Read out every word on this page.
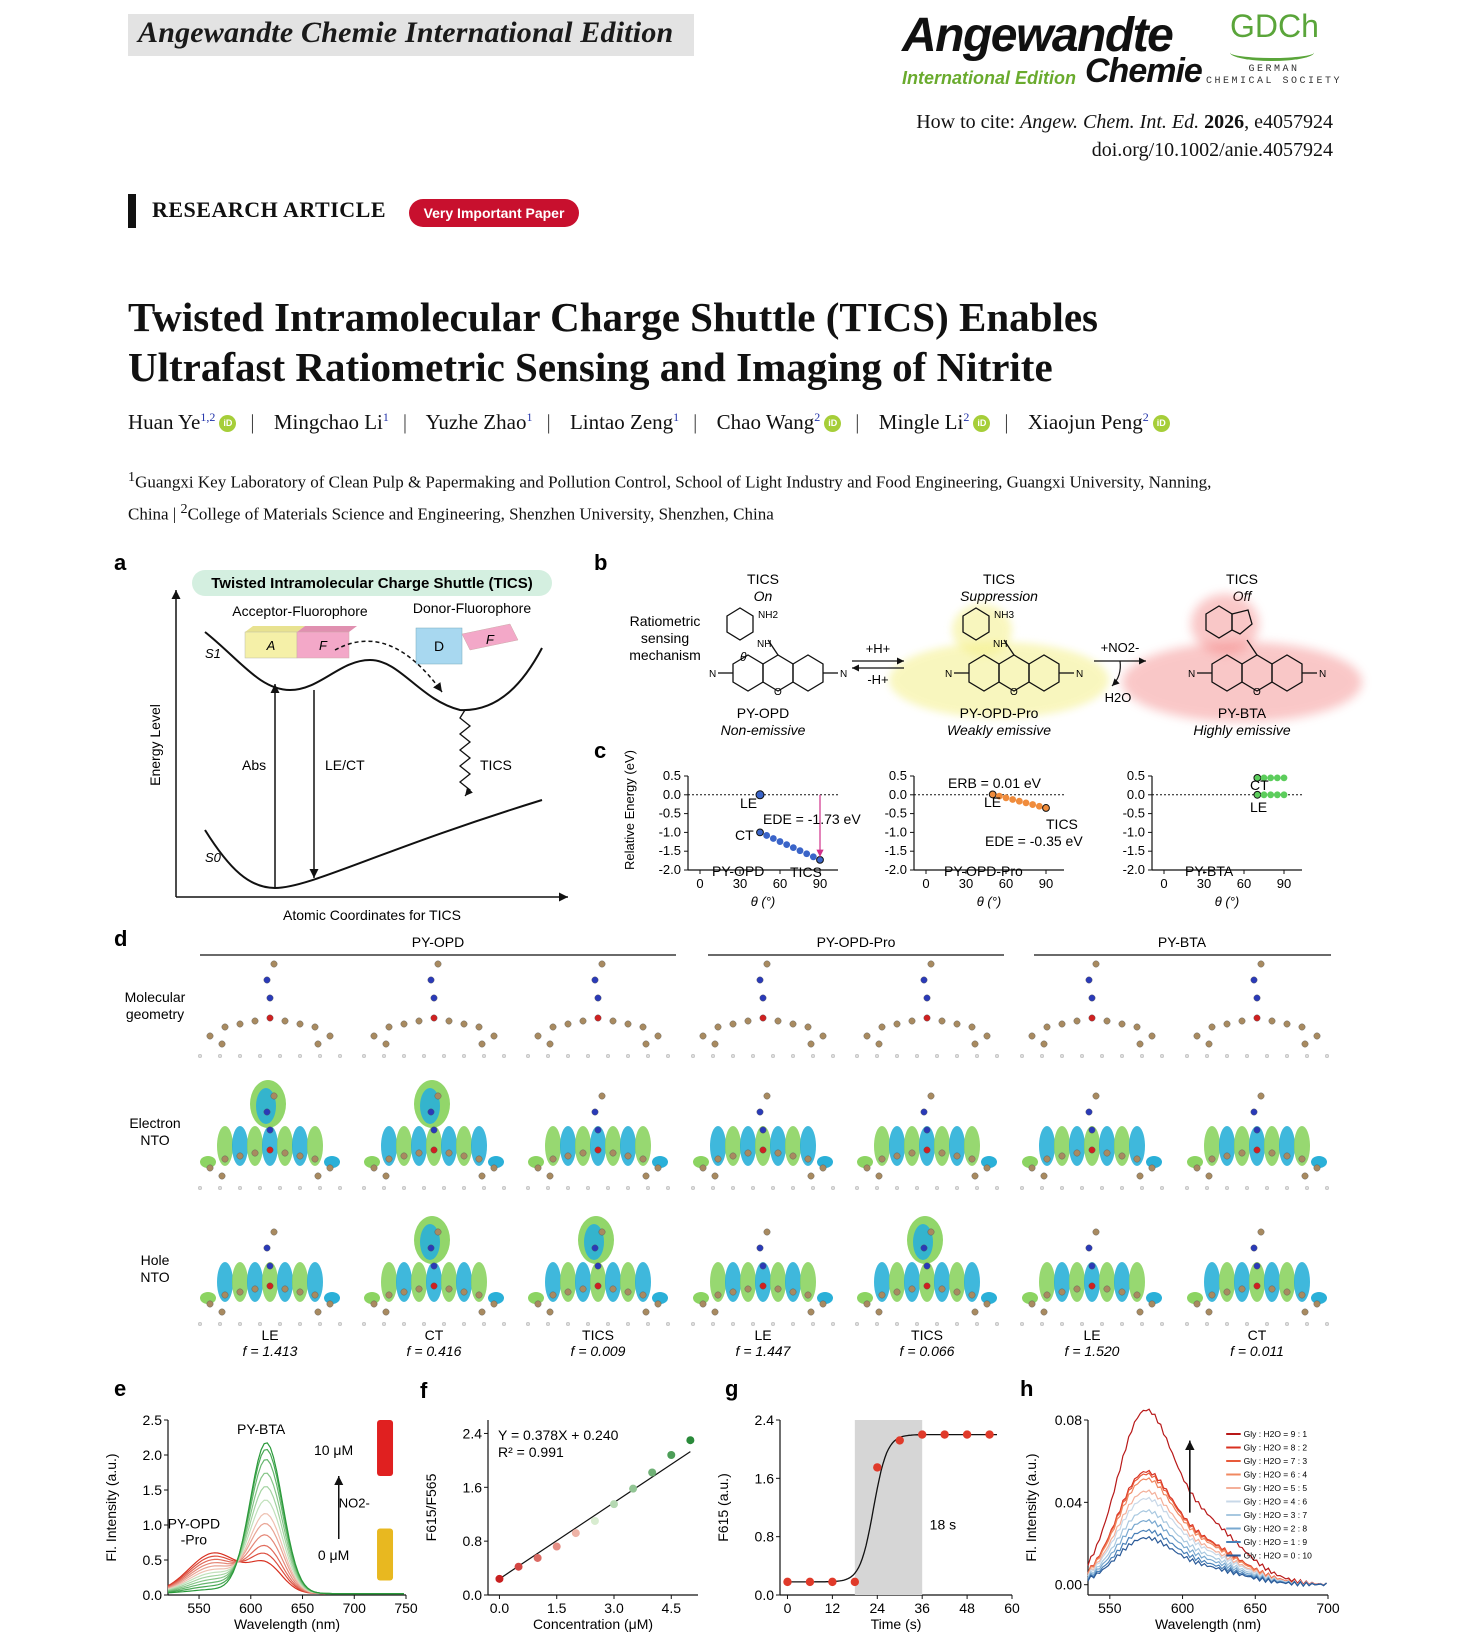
Angewandte Chemie International Edition	Angewandte
International Edition Chemie
GDCh
GERMAN
CHEMICAL SOCIETY
How to cite: Angew. Chem. Int. Ed. 2026, e4057924
doi.org/10.1002/anie.4057924
RESEARCH ARTICLE	Very Important Paper
Twisted Intramolecular Charge Shuttle (TICS) Enables
Ultrafast Ratiometric Sensing and Imaging of Nitrite
Huan Ye$^{1,2}$ iD | Mingchao Li$^1$ | Yuzhe Zhao$^1$ | Lintao Zeng$^1$ | Chao Wang$^2$ iD | Mingle Li$^2$ iD | Xiaojun Peng$^2$ iD
$^1$Guangxi Key Laboratory of Clean Pulp & Papermaking and Pollution Control, School of Light Industry and Food Engineering, Guangxi University, Nanning,
China | $^2$College of Materials Science and Engineering, Shenzhen University, Shenzhen, China
a	b
c
d
e	f	g	h
Twisted Intramolecular Charge Shuttle (TICS)
Acceptor-Fluorophore	Donor-Fluorophore
A	F	D	F
Energy Level
Atomic Coordinates for TICS
S1
S0
Abs	LE/CT	TICS
Ratiometric
sensing
mechanism
TICS
On
TICS
Suppression
TICS
Off
NH2
NH
θ
N	N
O
PY-OPD
Non-emissive
NH3
NH
N	N
O
PY-OPD-Pro
Weakly emissive
N	N
O
PY-BTA
Highly emissive
+H+
-H+
+NO2-
H2O
Relative Energy (eV) 0.5
0.0
-0.5
-1.0
-1.5
-2.0
0 30 60 90
θ (°)
0.5
0.0
-0.5
-1.0
-1.5
-2.0
0 30 60 90
θ (°)
0.5
0.0
-0.5
-1.0
-1.5
-2.0
0 30 60 90
θ (°)
EDE = -1.73 eV
LE
CT
TICS
PY-OPD
ERB = 0.01 eV
LE
TICS
EDE = -0.35 eV
PY-OPD-Pro
CT
LE
PY-BTA
PY-OPD	PY-OPD-Pro	PY-BTA
Molecular geometry
Electron NTO
Hole NTO
LE
f = 1.413
CT
f = 0.416
TICS
f = 0.009
LE
f = 1.447
TICS
f = 0.066
LE
f = 1.520
CT
f = 0.011
550 600 650 700 750
0.0
0.5
1.0
1.5
2.0
2.5
Wavelength (nm)
Fl. Intensity (a.u.)
PY-BTA
PY-OPD
-Pro
10 μM
0 μM
NO2-
0.0	1.5	3.0	4.5
0.0
0.8
1.6
2.4
Concentration (μM)
F615/F565
Y = 0.378X + 0.240
R² = 0.991
0 12 24 36 48 60
0.0
0.8
1.6
2.4
Time (s)
F615 (a.u.)	18 s
550	600	650	700
0.00
0.04
0.08
Wavelength (nm)
Fl. Intensity (a.u.)
Gly : H2O = 9 : 1
Gly : H2O = 8 : 2
Gly : H2O = 7 : 3
Gly : H2O = 6 : 4
Gly : H2O = 5 : 5
Gly : H2O = 4 : 6
Gly : H2O = 3 : 7
Gly : H2O = 2 : 8
Gly : H2O = 1 : 9
Gly : H2O = 0 : 10
